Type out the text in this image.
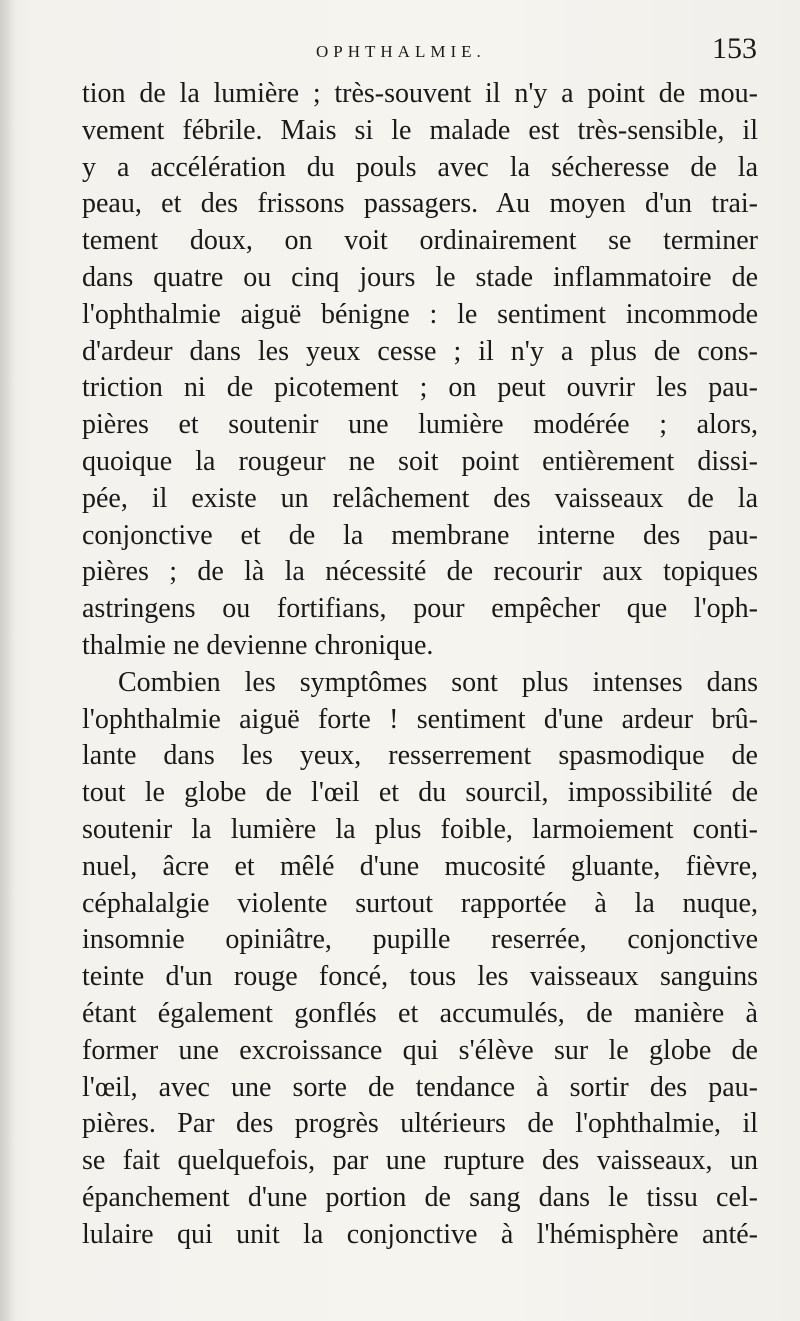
OPHTHALMIE.	153
tion de la lumière ; très-souvent il n'y a point de mou-
vement fébrile. Mais si le malade est très-sensible, il
y a accélération du pouls avec la sécheresse de la
peau, et des frissons passagers. Au moyen d'un trai-
tement doux, on voit ordinairement se terminer
dans quatre ou cinq jours le stade inflammatoire de
l'ophthalmie aiguë bénigne : le sentiment incommode
d'ardeur dans les yeux cesse ; il n'y a plus de cons-
triction ni de picotement ; on peut ouvrir les pau-
pières et soutenir une lumière modérée ; alors,
quoique la rougeur ne soit point entièrement dissi-
pée, il existe un relâchement des vaisseaux de la
conjonctive et de la membrane interne des pau-
pières ; de là la nécessité de recourir aux topiques
astringens ou fortifians, pour empêcher que l'oph-
thalmie ne devienne chronique.
Combien les symptômes sont plus intenses dans
l'ophthalmie aiguë forte ! sentiment d'une ardeur brû-
lante dans les yeux, resserrement spasmodique de
tout le globe de l'œil et du sourcil, impossibilité de
soutenir la lumière la plus foible, larmoiement conti-
nuel, âcre et mêlé d'une mucosité gluante, fièvre,
céphalalgie violente surtout rapportée à la nuque,
insomnie opiniâtre, pupille reserrée, conjonctive
teinte d'un rouge foncé, tous les vaisseaux sanguins
étant également gonflés et accumulés, de manière à
former une excroissance qui s'élève sur le globe de
l'œil, avec une sorte de tendance à sortir des pau-
pières. Par des progrès ultérieurs de l'ophthalmie, il
se fait quelquefois, par une rupture des vaisseaux, un
épanchement d'une portion de sang dans le tissu cel-
lulaire qui unit la conjonctive à l'hémisphère anté-
